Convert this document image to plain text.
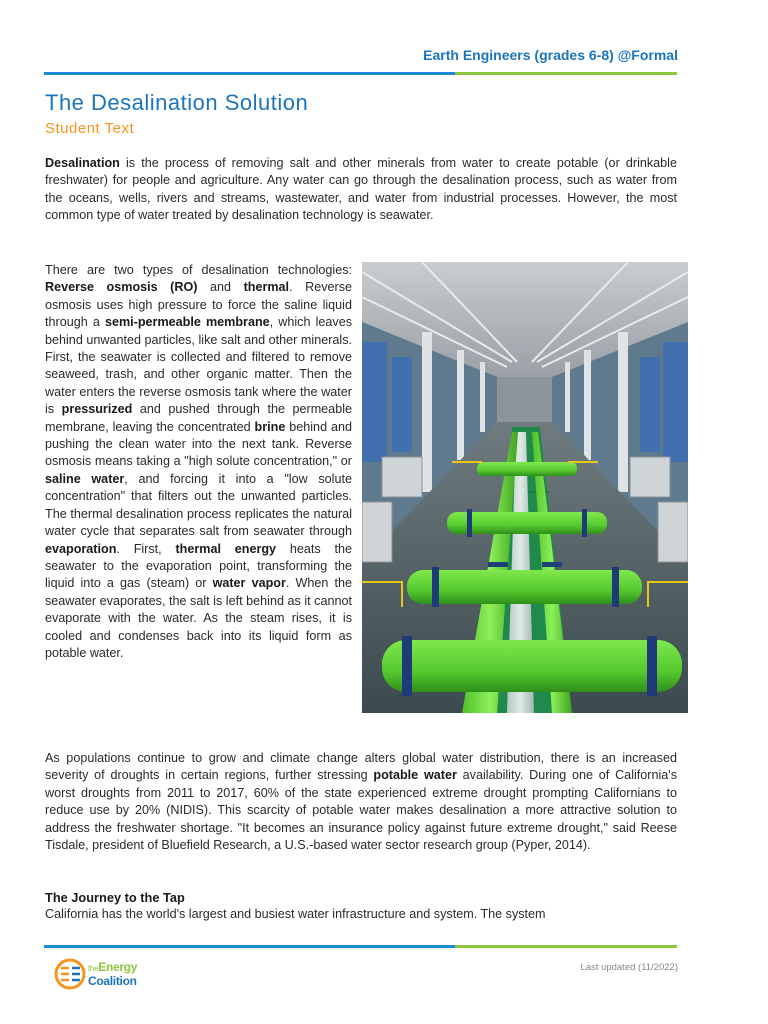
Earth Engineers (grades 6-8) @Formal
The Desalination Solution
Student Text

Desalination is the process of removing salt and other minerals from water to create potable (or drinkable freshwater) for people and agriculture. Any water can go through the desalination process, such as water from the oceans, wells, rivers and streams, wastewater, and water from industrial processes. However, the most common type of water treated by desalination technology is seawater.

There are two types of desalination technologies: Reverse osmosis (RO) and thermal. Reverse osmosis uses high pressure to force the saline liquid through a semi-permeable membrane, which leaves behind unwanted particles, like salt and other minerals. First, the seawater is collected and filtered to remove seaweed, trash, and other organic matter. Then the water enters the reverse osmosis tank where the water is pressurized and pushed through the permeable membrane, leaving the concentrated brine behind and pushing the clean water into the next tank. Reverse osmosis means taking a "high solute concentration," or saline water, and forcing it into a "low solute concentration" that filters out the unwanted particles. The thermal desalination process replicates the natural water cycle that separates salt from seawater through evaporation. First, thermal energy heats the seawater to the evaporation point, transforming the liquid into a gas (steam) or water vapor. When the seawater evaporates, the salt is left behind as it cannot evaporate with the water. As the steam rises, it is cooled and condenses back into its liquid form as potable water.

As populations continue to grow and climate change alters global water distribution, there is an increased severity of droughts in certain regions, further stressing potable water availability. During one of California's worst droughts from 2011 to 2017, 60% of the state experienced extreme drought prompting Californians to reduce use by 20% (NIDIS). This scarcity of potable water makes desalination a more attractive solution to address the freshwater shortage. "It becomes an insurance policy against future extreme drought," said Reese Tisdale, president of Bluefield Research, a U.S.-based water sector research group (Pyper, 2014).

The Journey to the Tap

California has the world's largest and busiest water infrastructure and system. The system

theEnergy
Coalition
Last updated (11/2022)
